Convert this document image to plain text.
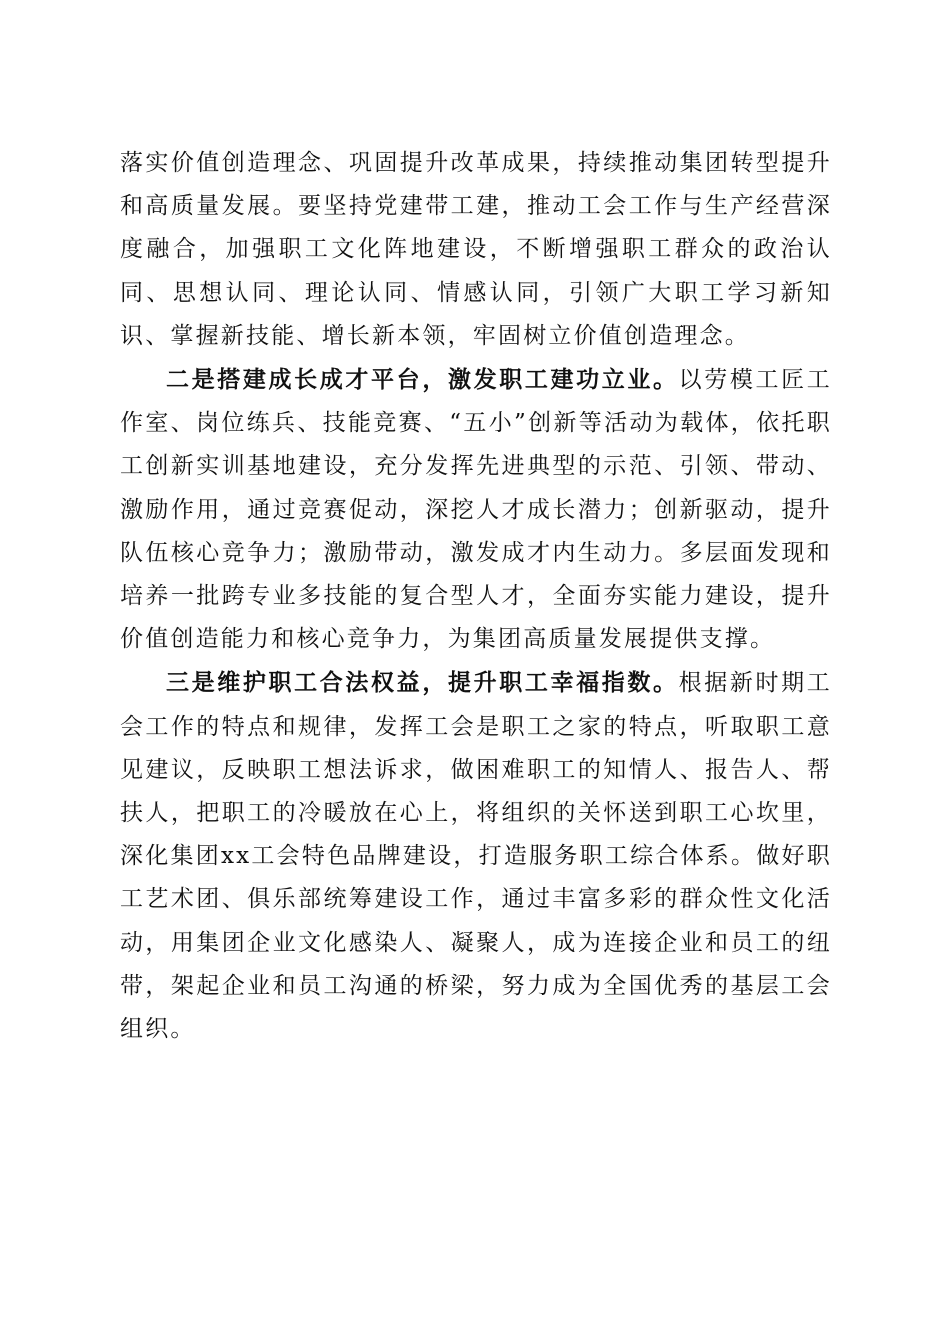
落实价值创造理念、巩固提升改革成果，持续推动集团转型提升和高质量发展。要坚持党建带工建，推动工会工作与生产经营深度融合，加强职工文化阵地建设，不断增强职工群众的政治认同、思想认同、理论认同、情感认同，引领广大职工学习新知识、掌握新技能、增长新本领，牢固树立价值创造理念。

二是搭建成长成才平台，激发职工建功立业。以劳模工匠工作室、岗位练兵、技能竞赛、“五小”创新等活动为载体，依托职工创新实训基地建设，充分发挥先进典型的示范、引领、带动、激励作用，通过竞赛促动，深挖人才成长潜力；创新驱动，提升队伍核心竞争力；激励带动，激发成才内生动力。多层面发现和培养一批跨专业多技能的复合型人才，全面夯实能力建设，提升价值创造能力和核心竞争力，为集团高质量发展提供支撑。

三是维护职工合法权益，提升职工幸福指数。根据新时期工会工作的特点和规律，发挥工会是职工之家的特点，听取职工意见建议，反映职工想法诉求，做困难职工的知情人、报告人、帮扶人，把职工的冷暖放在心上，将组织的关怀送到职工心坎里，深化集团xx工会特色品牌建设，打造服务职工综合体系。做好职工艺术团、俱乐部统筹建设工作，通过丰富多彩的群众性文化活动，用集团企业文化感染人、凝聚人，成为连接企业和员工的纽带，架起企业和员工沟通的桥梁，努力成为全国优秀的基层工会组织。
